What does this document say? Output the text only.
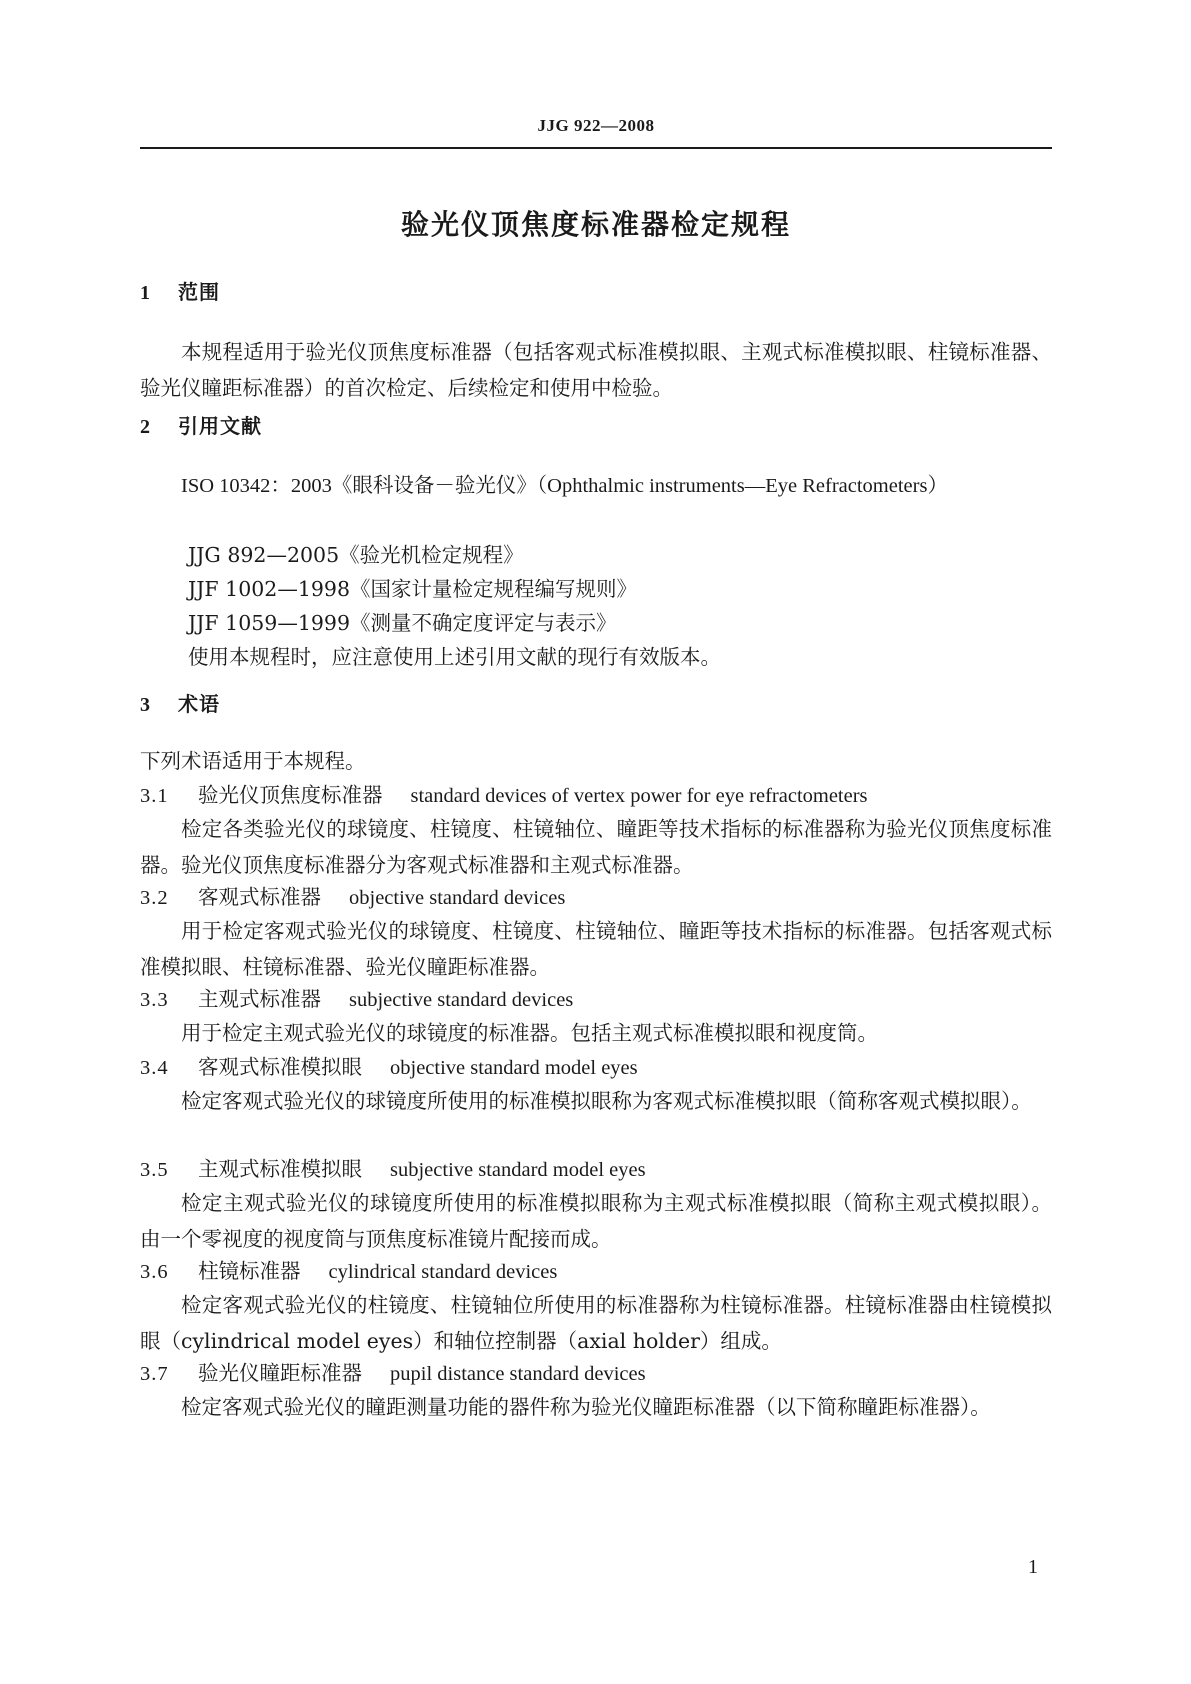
JJG 922—2008
验光仪顶焦度标准器检定规程
1 范围
本规程适用于验光仪顶焦度标准器（包括客观式标准模拟眼、主观式标准模拟眼、柱镜标准器、验光仪瞳距标准器）的首次检定、后续检定和使用中检验。
2 引用文献
ISO 10342：2003《眼科设备－验光仪》（Ophthalmic instruments—Eye Refractometers）
JJG 892—2005《验光机检定规程》
JJF 1002—1998《国家计量检定规程编写规则》
JJF 1059—1999《测量不确定度评定与表示》
使用本规程时，应注意使用上述引用文献的现行有效版本。
3 术语
下列术语适用于本规程。
3.1 验光仪顶焦度标准器 standard devices of vertex power for eye refractometers
检定各类验光仪的球镜度、柱镜度、柱镜轴位、瞳距等技术指标的标准器称为验光仪顶焦度标准器。验光仪顶焦度标准器分为客观式标准器和主观式标准器。
3.2 客观式标准器 objective standard devices
用于检定客观式验光仪的球镜度、柱镜度、柱镜轴位、瞳距等技术指标的标准器。包括客观式标准模拟眼、柱镜标准器、验光仪瞳距标准器。
3.3 主观式标准器 subjective standard devices
用于检定主观式验光仪的球镜度的标准器。包括主观式标准模拟眼和视度筒。
3.4 客观式标准模拟眼 objective standard model eyes
检定客观式验光仪的球镜度所使用的标准模拟眼称为客观式标准模拟眼（简称客观式模拟眼）。
3.5 主观式标准模拟眼 subjective standard model eyes
检定主观式验光仪的球镜度所使用的标准模拟眼称为主观式标准模拟眼（简称主观式模拟眼）。由一个零视度的视度筒与顶焦度标准镜片配接而成。
3.6 柱镜标准器 cylindrical standard devices
检定客观式验光仪的柱镜度、柱镜轴位所使用的标准器称为柱镜标准器。柱镜标准器由柱镜模拟眼（cylindrical model eyes）和轴位控制器（axial holder）组成。
3.7 验光仪瞳距标准器 pupil distance standard devices
检定客观式验光仪的瞳距测量功能的器件称为验光仪瞳距标准器（以下简称瞳距标准器）。
1
